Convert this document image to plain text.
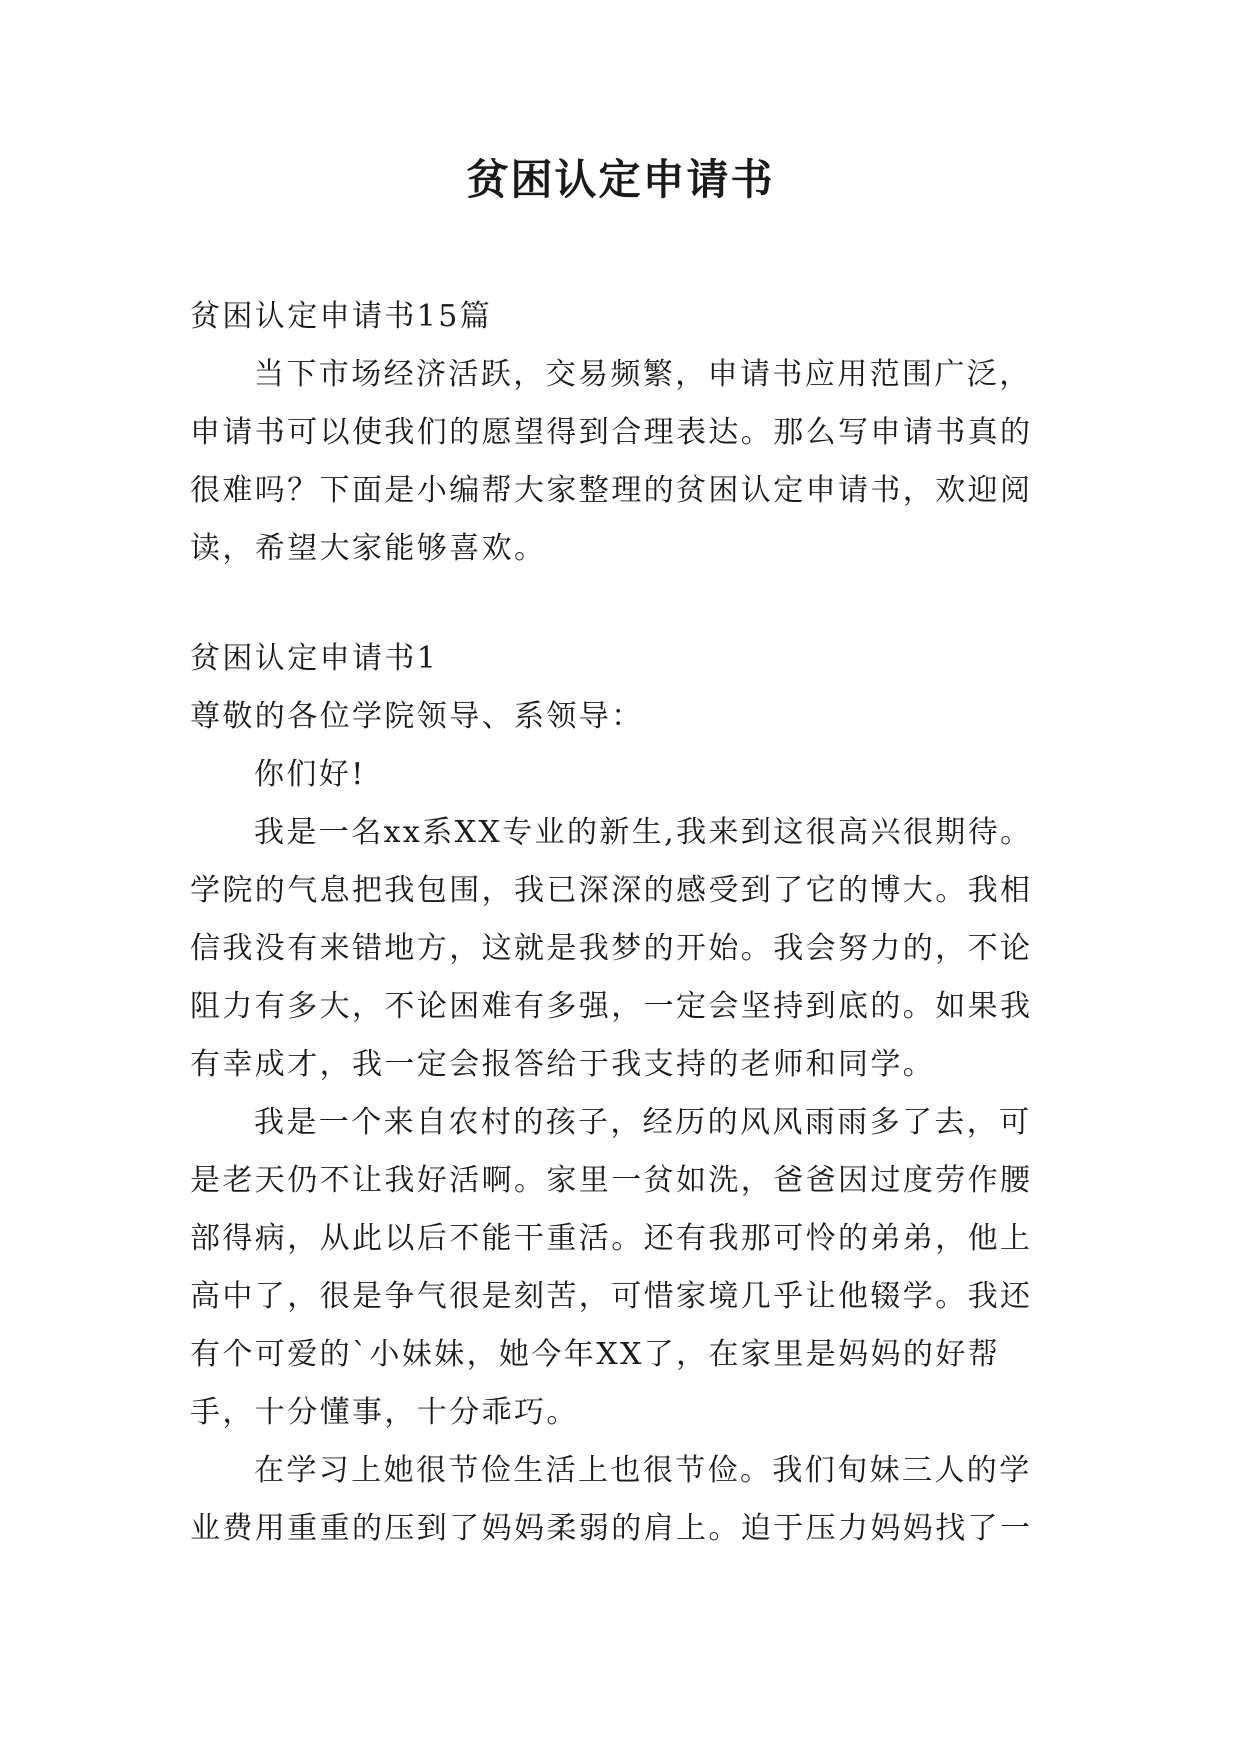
贫困认定申请书

贫困认定申请书15篇

当下市场经济活跃，交易频繁，申请书应用范围广泛，申请书可以使我们的愿望得到合理表达。那么写申请书真的很难吗？下面是小编帮大家整理的贫困认定申请书，欢迎阅读，希望大家能够喜欢。

贫困认定申请书1

尊敬的各位学院领导、系领导：

你们好!

我是一名xx系XX专业的新生,我来到这很高兴很期待。学院的气息把我包围，我已深深的感受到了它的博大。我相信我没有来错地方，这就是我梦的开始。我会努力的，不论阻力有多大，不论困难有多强，一定会坚持到底的。如果我有幸成才，我一定会报答给于我支持的老师和同学。

我是一个来自农村的孩子，经历的风风雨雨多了去，可是老天仍不让我好活啊。家里一贫如洗，爸爸因过度劳作腰部得病，从此以后不能干重活。还有我那可怜的弟弟，他上高中了，很是争气很是刻苦，可惜家境几乎让他辍学。我还有个可爱的`小妹妹，她今年XX了，在家里是妈妈的好帮手，十分懂事，十分乖巧。

在学习上她很节俭生活上也很节俭。我们旬妹三人的学业费用重重的压到了妈妈柔弱的肩上。迫于压力妈妈找了一
